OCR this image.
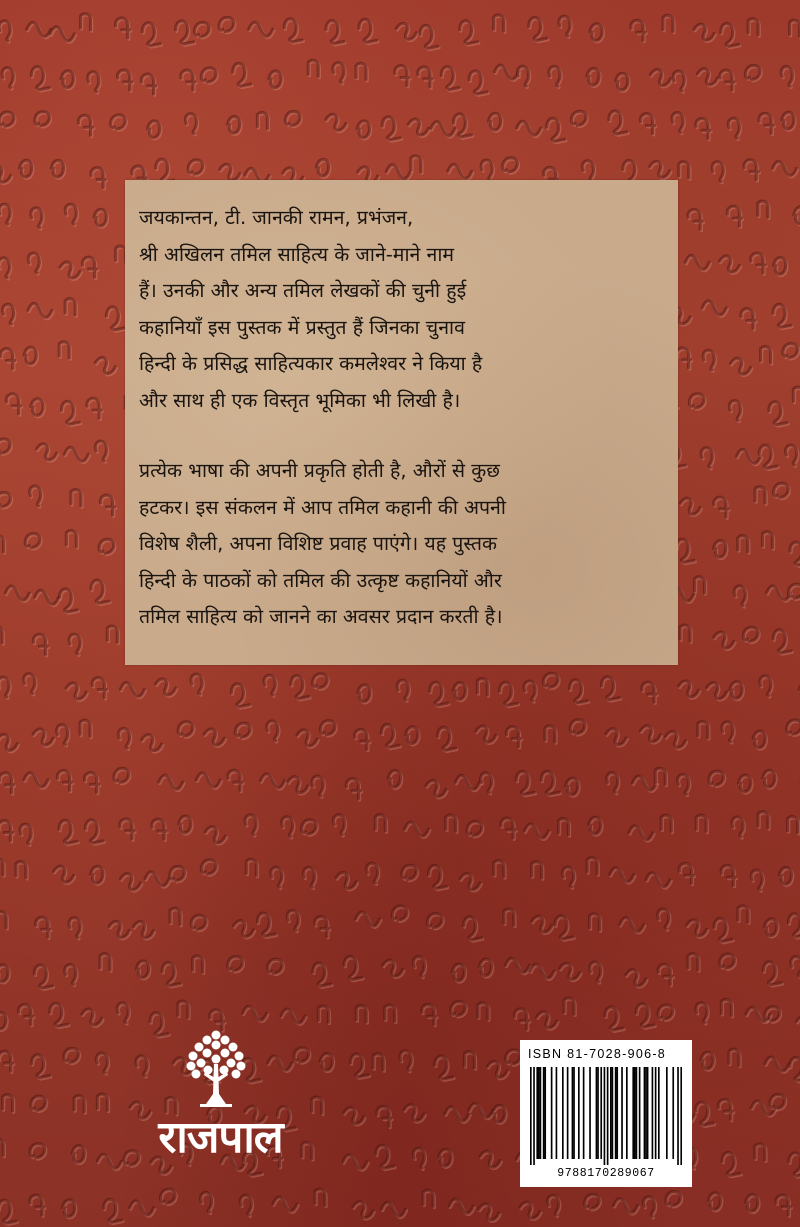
जयकान्तन, टी. जानकी रामन, प्रभंजन,
श्री अखिलन तमिल साहित्य के जाने-माने नाम
हैं। उनकी और अन्य तमिल लेखकों की चुनी हुई
कहानियाँ इस पुस्तक में प्रस्तुत हैं जिनका चुनाव
हिन्दी के प्रसिद्ध साहित्यकार कमलेश्वर ने किया है
और साथ ही एक विस्तृत भूमिका भी लिखी है।

प्रत्येक भाषा की अपनी प्रकृति होती है, औरों से कुछ
हटकर। इस संकलन में आप तमिल कहानी की अपनी
विशेष शैली, अपना विशिष्ट प्रवाह पाएंगे। यह पुस्तक
हिन्दी के पाठकों को तमिल की उत्कृष्ट कहानियों और
तमिल साहित्य को जानने का अवसर प्रदान करती है।

राजपाल
ISBN 81-7028-906-8
9788170289067
